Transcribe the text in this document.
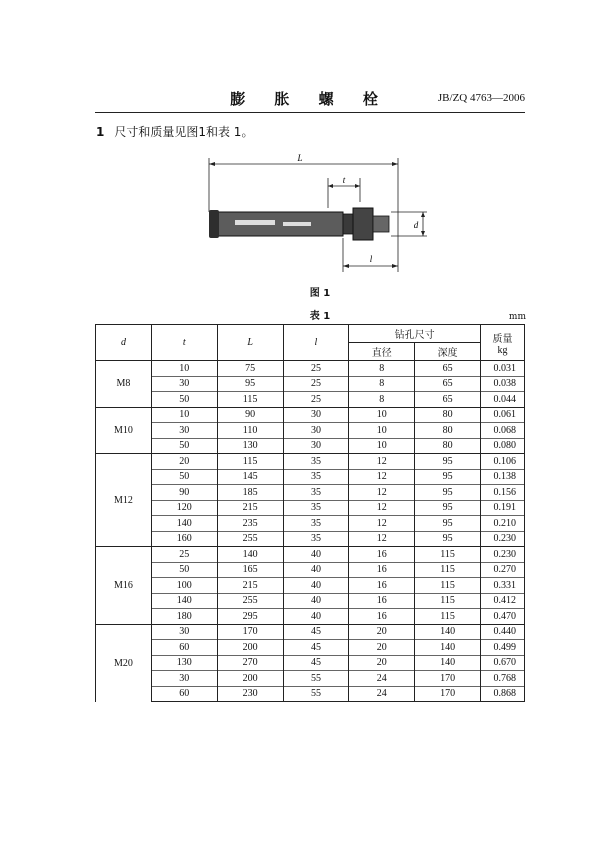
膨 胀 螺 栓	JB/ZQ 4763—2006
1 尺寸和质量见图1和表 1。
L
t
d
l
图 1
表 1	mm
d	t	L	l	钻孔尺寸		质量
kg

				直径	深度	
M8	10	75	25	8	65	0.031
	30	95	25	8	65	0.038
	50	115	25	8	65	0.044
M10	10	90	30	10	80	0.061
	30	110	30	10	80	0.068
	50	130	30	10	80	0.080
M12	20	115	35	12	95	0.106
	50	145	35	12	95	0.138
	90	185	35	12	95	0.156
	120	215	35	12	95	0.191
	140	235	35	12	95	0.210
	160	255	35	12	95	0.230
M16	25	140	40	16	115	0.230
	50	165	40	16	115	0.270
	100	215	40	16	115	0.331
	140	255	40	16	115	0.412
	180	295	40	16	115	0.470
M20	30	170	45	20	140	0.440
	60	200	45	20	140	0.499
	130	270	45	20	140	0.670
	30	200	55	24	170	0.768
	60	230	55	24	170	0.868
